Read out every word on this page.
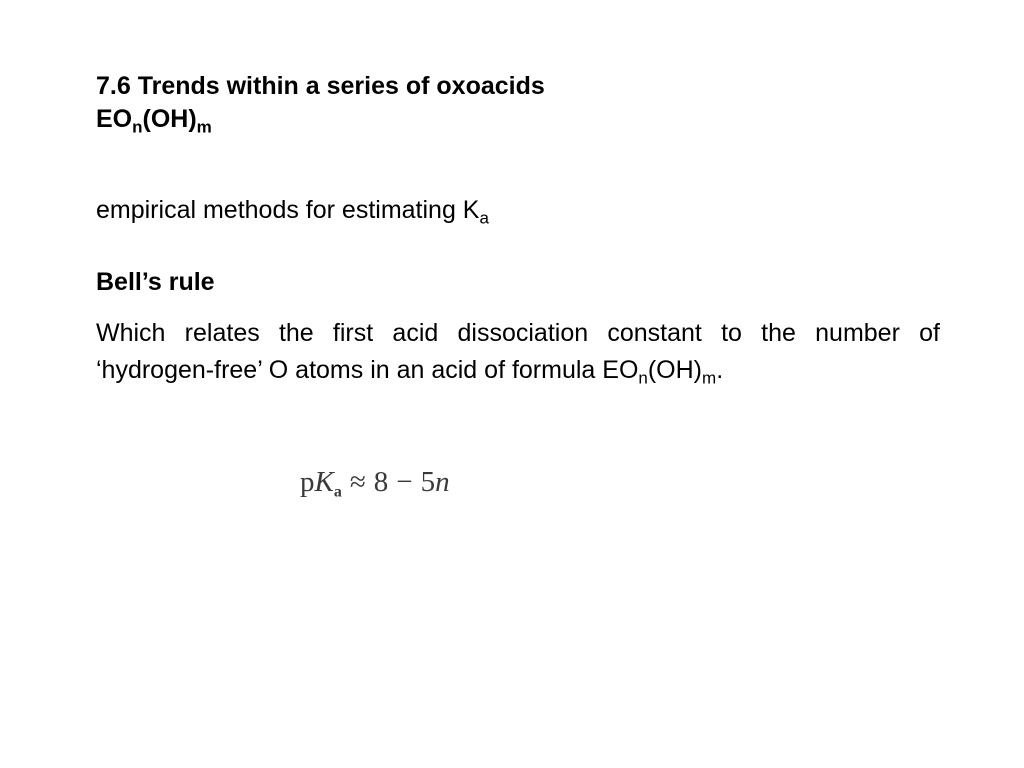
7.6 Trends within a series of oxoacids
$EO_n(OH)_m$
empirical methods for estimating $K_a$
Bell’s rule
Which relates the first acid dissociation constant to the number of ‘hydrogen-free’ O atoms in an acid of formula $EO_n(OH)_m$.
pKa ≈ 8 − 5n
